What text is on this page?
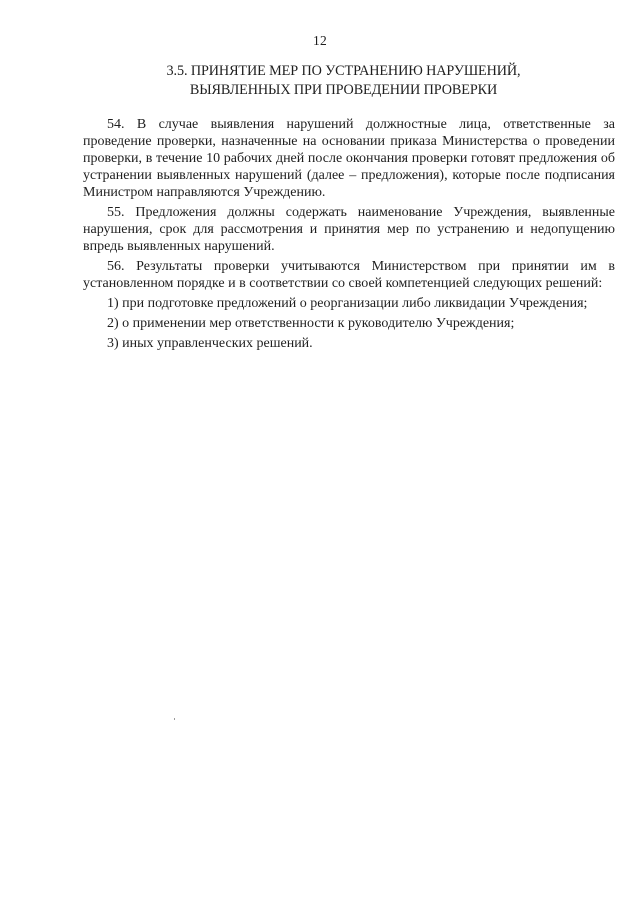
12
3.5. ПРИНЯТИЕ МЕР ПО УСТРАНЕНИЮ НАРУШЕНИЙ,
ВЫЯВЛЕННЫХ ПРИ ПРОВЕДЕНИИ ПРОВЕРКИ

54. В случае выявления нарушений должностные лица, ответственные за проведение проверки, назначенные на основании приказа Министерства о проведении проверки, в течение 10 рабочих дней после окончания проверки готовят предложения об устранении выявленных нарушений (далее – предложения), которые после подписания Министром направляются Учреждению.

55. Предложения должны содержать наименование Учреждения, выявленные нарушения, срок для рассмотрения и принятия мер по устранению и недопущению впредь выявленных нарушений.

56. Результаты проверки учитываются Министерством при принятии им в установленном порядке и в соответствии со своей компетенцией следующих решений:

1) при подготовке предложений о реорганизации либо ликвидации Учреждения;

2) о применении мер ответственности к руководителю Учреждения;

3) иных управленческих решений.
